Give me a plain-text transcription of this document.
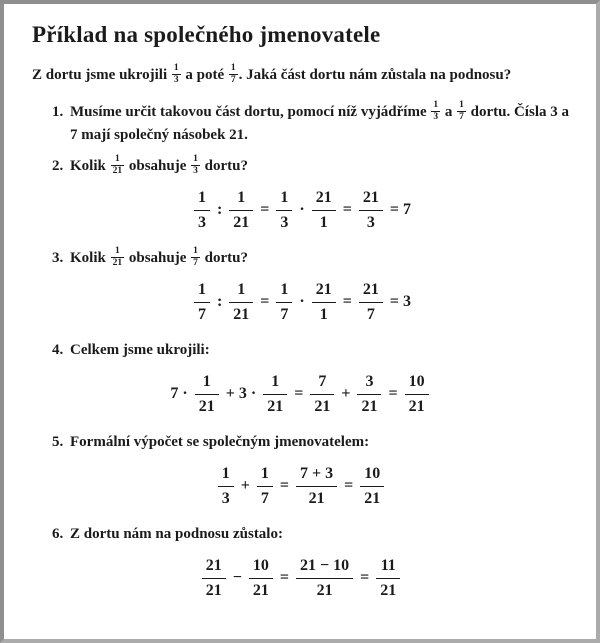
Příklad na společného jmenovatele

Z dortu jsme ukrojili $\frac{1}{3}$ a poté $\frac{1}{7}$ . Jaká část dortu nám zůstala na podnosu?

1. Musíme určit takovou část dortu, pomocí níž vyjádříme $\frac{1}{3}$ a $\frac{1}{7}$ dortu. Čísla 3 a 7 mají společný násobek 21.
2. Kolik $\frac{1}{21}$ obsahuje $\frac{1}{3}$ dortu?
$\frac{1}{3}$ : $\frac{1}{21} = \frac{1}{3} \cdot \frac{21}{1} = \frac{21}{3} = 7$
3. Kolik $\frac{1}{21}$ obsahuje $\frac{1}{7}$ dortu?
$\frac{1}{7}$ : $\frac{1}{21} = \frac{1}{7} \cdot \frac{21}{1} = \frac{21}{7} = 3$
4. Celkem jsme ukrojili:
$7 \cdot \frac{1}{21} + 3 \cdot \frac{1}{21} = \frac{7}{21} + \frac{3}{21} = \frac{10}{21}$
5. Formální výpočet se společným jmenovatelem:
$\frac{1}{3} + \frac{1}{7} = \frac{7 + 3}{21} = \frac{10}{21}$
6. Z dortu nám na podnosu zůstalo:
$\frac{21}{21} - \frac{10}{21} = \frac{21 - 10}{21} = \frac{11}{21}$
